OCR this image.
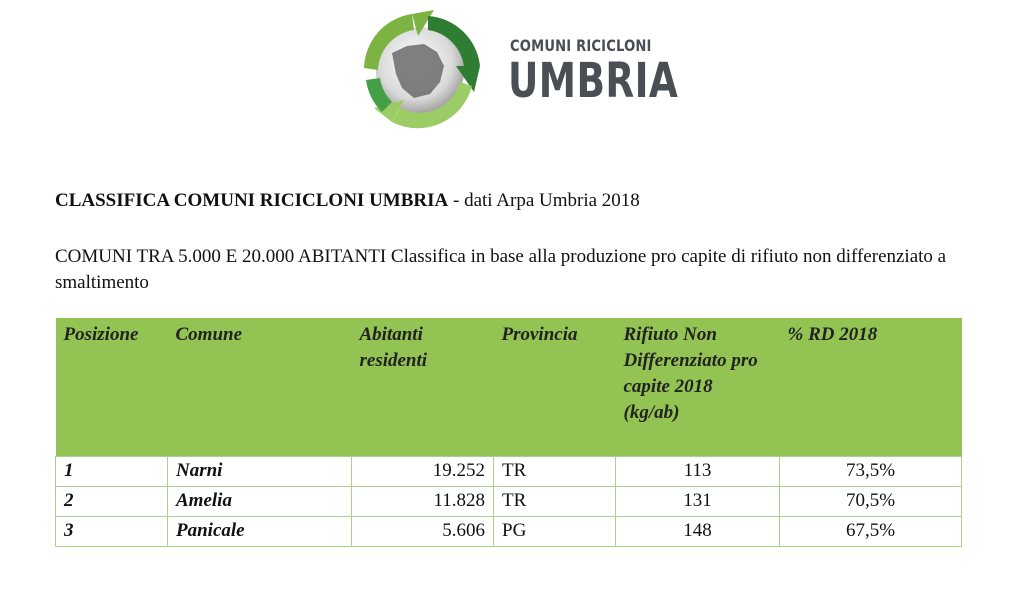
COMUNI RICICLONI
UMBRIA
CLASSIFICA COMUNI RICICLONI UMBRIA - dati Arpa Umbria 2018
COMUNI TRA 5.000 E 20.000 ABITANTI Classifica in base alla produzione pro capite di rifiuto non differenziato a smaltimento
Posizione	Comune	Abitanti residenti	Provincia	Rifiuto Non Differenziato pro capite 2018 (kg/ab)	% RD 2018
1	Narni	19.252	TR	113	73,5%
2	Amelia	11.828	TR	131	70,5%
3	Panicale	5.606	PG	148	67,5%
